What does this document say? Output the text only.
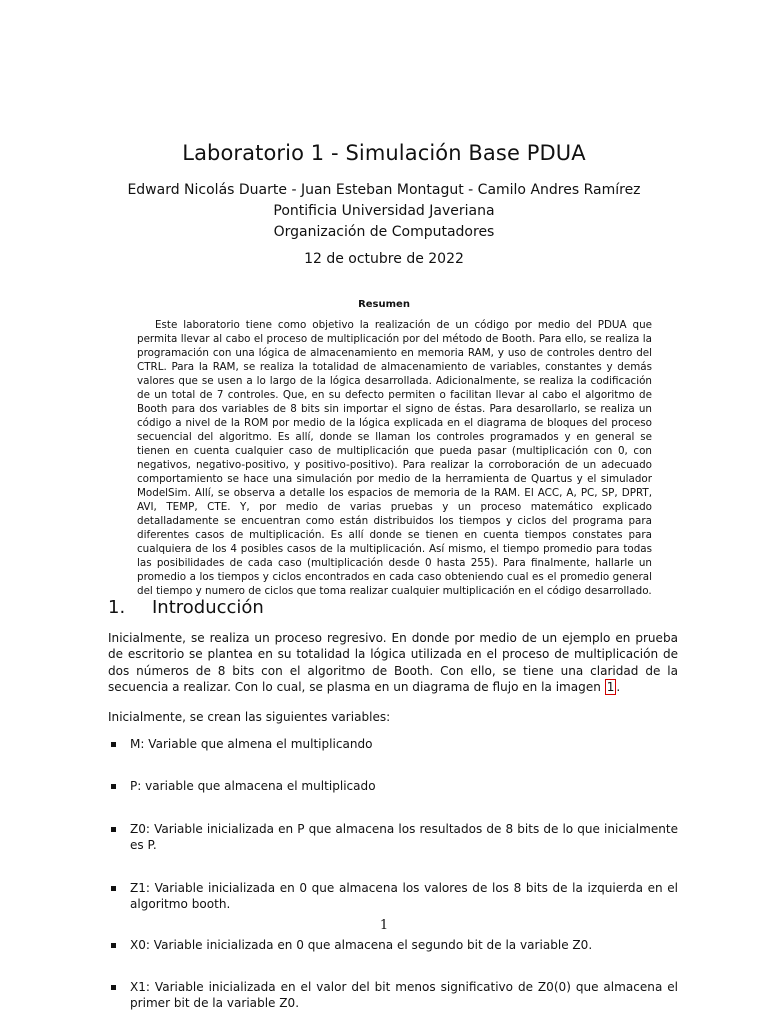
Laboratorio 1 - Simulación Base PDUA
Edward Nicolás Duarte - Juan Esteban Montagut - Camilo Andres Ramírez
Pontificia Universidad Javeriana
Organización de Computadores
12 de octubre de 2022
Resumen

Este laboratorio tiene como objetivo la realización de un código por medio del PDUA que permita llevar al cabo el proceso de multiplicación por del método de Booth. Para ello, se realiza la programación con una lógica de almacenamiento en memoria RAM, y uso de controles dentro del CTRL. Para la RAM, se realiza la totalidad de almacenamiento de variables, constantes y demás valores que se usen a lo largo de la lógica desarrollada. Adicionalmente, se realiza la codificación de un total de 7 controles. Que, en su defecto permiten o facilitan llevar al cabo el algoritmo de Booth para dos variables de 8 bits sin importar el signo de éstas. Para desarollarlo, se realiza un código a nivel de la ROM por medio de la lógica explicada en el diagrama de bloques del proceso secuencial del algoritmo. Es allí, donde se llaman los controles programados y en general se tienen en cuenta cualquier caso de multiplicación que pueda pasar (multiplicación con 0, con negativos, negativo-positivo, y positivo-positivo). Para realizar la corroboración de un adecuado comportamiento se hace una simulación por medio de la herramienta de Quartus y el simulador ModelSim. Allí, se observa a detalle los espacios de memoria de la RAM. El ACC, A, PC, SP, DPRT, AVI, TEMP, CTE. Y, por medio de varias pruebas y un proceso matemático explicado detalladamente se encuentran como están distribuidos los tiempos y ciclos del programa para diferentes casos de multiplicación. Es allí donde se tienen en cuenta tiempos constates para cualquiera de los 4 posibles casos de la multiplicación. Así mismo, el tiempo promedio para todas las posibilidades de cada caso (multiplicación desde 0 hasta 255). Para finalmente, hallarle un promedio a los tiempos y ciclos encontrados en cada caso obteniendo cual es el promedio general del tiempo y numero de ciclos que toma realizar cualquier multiplicación en el código desarrollado.

1. Introducción

Inicialmente, se realiza un proceso regresivo. En donde por medio de un ejemplo en prueba de escritorio se plantea en su totalidad la lógica utilizada en el proceso de multiplicación de dos números de 8 bits con el algoritmo de Booth. Con ello, se tiene una claridad de la secuencia a realizar. Con lo cual, se plasma en un diagrama de flujo en la imagen 1 .

Inicialmente, se crean las siguientes variables:

M: Variable que almena el multiplicando
P: variable que almacena el multiplicado
Z0: Variable inicializada en P que almacena los resultados de 8 bits de lo que inicialmente es P.
Z1: Variable inicializada en 0 que almacena los valores de los 8 bits de la izquierda en el algoritmo booth.
X0: Variable inicializada en 0 que almacena el segundo bit de la variable Z0.
X1: Variable inicializada en el valor del bit menos significativo de Z0(0) que almacena el primer bit de la variable Z0.
1
